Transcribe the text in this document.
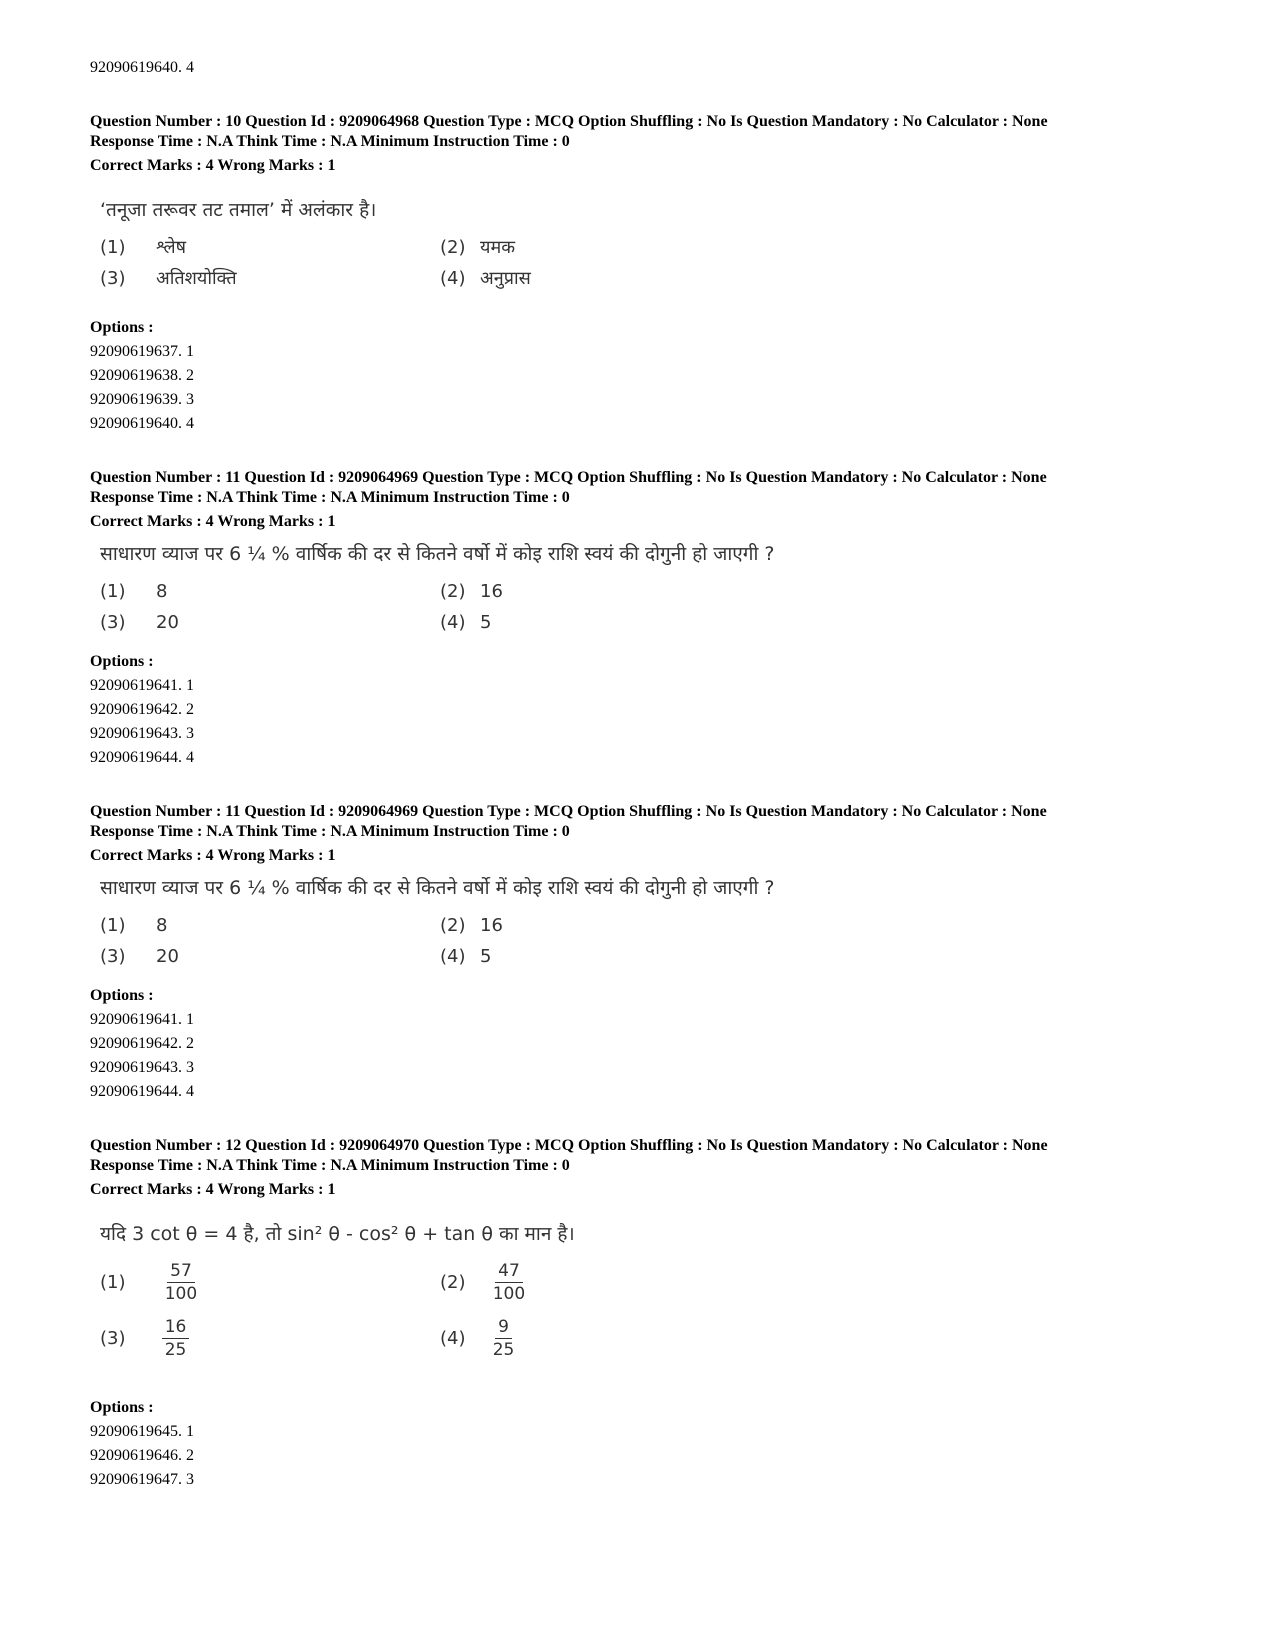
92090619640. 4
Question Number : 10 Question Id : 9209064968 Question Type : MCQ Option Shuffling : No Is Question Mandatory : No Calculator : None
Response Time : N.A Think Time : N.A Minimum Instruction Time : 0
Correct Marks : 4 Wrong Marks : 1
‘तनूजा तरूवर तट तमाल’ में अलंकार है।
(1) श्लेष	(2) यमक
(3) अतिशयोक्ति	(4) अनुप्रास
Options :
92090619637. 1
92090619638. 2
92090619639. 3
92090619640. 4
Question Number : 11 Question Id : 9209064969 Question Type : MCQ Option Shuffling : No Is Question Mandatory : No Calculator : None
Response Time : N.A Think Time : N.A Minimum Instruction Time : 0
Correct Marks : 4 Wrong Marks : 1
साधारण व्याज पर 6 ¼ % वार्षिक की दर से कितने वर्षो में कोइ राशि स्वयं की दोगुनी हो जाएगी ?
(1) 8	(2) 16
(3) 20	(4) 5
Options :
92090619641. 1
92090619642. 2
92090619643. 3
92090619644. 4
Question Number : 11 Question Id : 9209064969 Question Type : MCQ Option Shuffling : No Is Question Mandatory : No Calculator : None
Response Time : N.A Think Time : N.A Minimum Instruction Time : 0
Correct Marks : 4 Wrong Marks : 1
साधारण व्याज पर 6 ¼ % वार्षिक की दर से कितने वर्षो में कोइ राशि स्वयं की दोगुनी हो जाएगी ?
(1) 8	(2) 16
(3) 20	(4) 5
Options :
92090619641. 1
92090619642. 2
92090619643. 3
92090619644. 4
Question Number : 12 Question Id : 9209064970 Question Type : MCQ Option Shuffling : No Is Question Mandatory : No Calculator : None
Response Time : N.A Think Time : N.A Minimum Instruction Time : 0
Correct Marks : 4 Wrong Marks : 1
यदि 3 cot θ = 4 है, तो sin² θ - cos² θ + tan θ का मान है।
$(1) \frac{57}{100}$	$(2) \frac{47}{100}$
$(3) \frac{16}{25}$	$(4) \frac{9}{25}$
Options :
92090619645. 1
92090619646. 2
92090619647. 3
